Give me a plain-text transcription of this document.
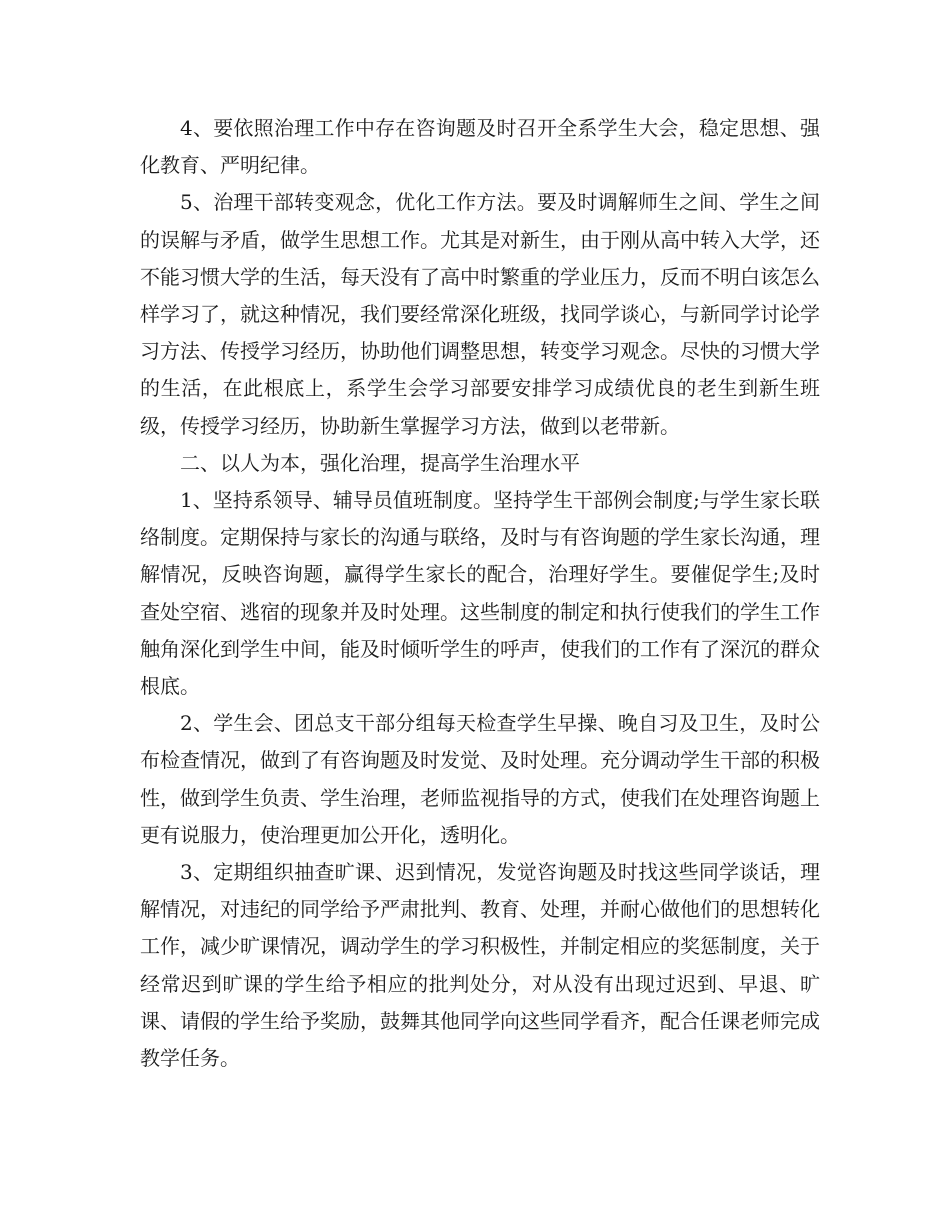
4、要依照治理工作中存在咨询题及时召开全系学生大会，稳定思想、强化教育、严明纪律。

5、治理干部转变观念，优化工作方法。要及时调解师生之间、学生之间的误解与矛盾，做学生思想工作。尤其是对新生，由于刚从高中转入大学，还不能习惯大学的生活，每天没有了高中时繁重的学业压力，反而不明白该怎么样学习了，就这种情况，我们要经常深化班级，找同学谈心，与新同学讨论学习方法、传授学习经历，协助他们调整思想，转变学习观念。尽快的习惯大学的生活，在此根底上，系学生会学习部要安排学习成绩优良的老生到新生班级，传授学习经历，协助新生掌握学习方法，做到以老带新。

二、以人为本，强化治理，提高学生治理水平

1、坚持系领导、辅导员值班制度。坚持学生干部例会制度;与学生家长联络制度。定期保持与家长的沟通与联络，及时与有咨询题的学生家长沟通，理解情况，反映咨询题，赢得学生家长的配合，治理好学生。要催促学生;及时查处空宿、逃宿的现象并及时处理。这些制度的制定和执行使我们的学生工作触角深化到学生中间，能及时倾听学生的呼声，使我们的工作有了深沉的群众根底。

2、学生会、团总支干部分组每天检查学生早操、晚自习及卫生，及时公布检查情况，做到了有咨询题及时发觉、及时处理。充分调动学生干部的积极性，做到学生负责、学生治理，老师监视指导的方式，使我们在处理咨询题上更有说服力，使治理更加公开化，透明化。

3、定期组织抽查旷课、迟到情况，发觉咨询题及时找这些同学谈话，理解情况，对违纪的同学给予严肃批判、教育、处理，并耐心做他们的思想转化工作，减少旷课情况，调动学生的学习积极性，并制定相应的奖惩制度，关于经常迟到旷课的学生给予相应的批判处分，对从没有出现过迟到、早退、旷课、请假的学生给予奖励，鼓舞其他同学向这些同学看齐，配合任课老师完成教学任务。
